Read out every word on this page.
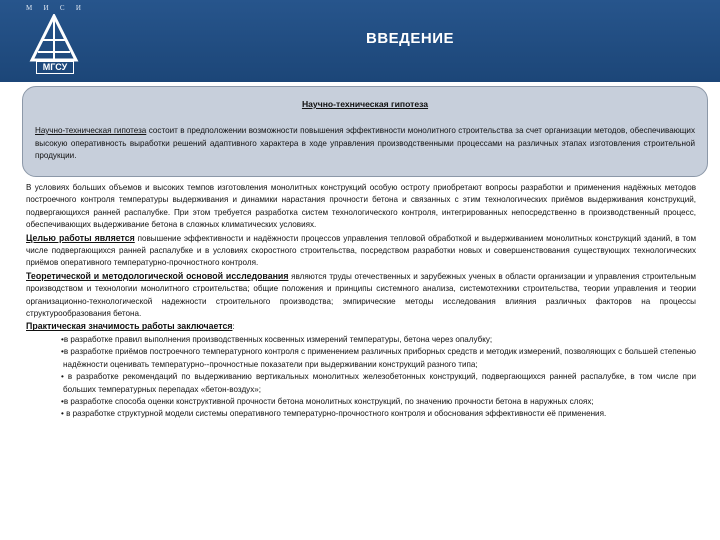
М И С И
МГСУ
ВВЕДЕНИЕ
Научно-техническая гипотеза
Научно-техническая гипотеза состоит в предположении возможности повышения эффективности монолитного строительства за счет организации методов, обеспечивающих высокую оперативность выработки решений адаптивного характера в ходе управления производственными процессами на различных этапах изготовления строительной продукции.

В условиях больших объемов и высоких темпов изготовления монолитных конструкций особую остроту приобретают вопросы разработки и применения надёжных методов построечного контроля температуры выдерживания и динамики нарастания прочности бетона и связанных с этим технологических приёмов выдерживания конструкций, подвергающихся ранней распалубке. При этом требуется разработка систем технологического контроля, интегрированных непосредственно в производственный процесс, обеспечивающих выдерживание бетона в сложных климатических условиях.

Целью работы является повышение эффективности и надёжности процессов управления тепловой обработкой и выдерживанием монолитных конструкций зданий, в том числе подвергающихся ранней распалубке и в условиях скоростного строительства, посредством разработки новых и совершенствования существующих технологических приёмов оперативного температурно-прочностного контроля.

Теоретической и методологической основой исследования являются труды отечественных и зарубежных ученых в области организации и управления строительным производством и технологии монолитного строительства; общие положения и принципы системного анализа, системотехники строительства, теории управления и теории организационно-технологической надежности строительного производства; эмпирические методы исследования влияния различных факторов на процессы структурообразования бетона.

Практическая значимость работы заключается:

•в разработке правил выполнения производственных косвенных измерений температуры, бетона через опалубку;

•в разработке приёмов построечного температурного контроля с применением различных приборных средств и методик измерений, позволяющих с большей степенью надёжности оценивать температурно--прочностные показатели при выдерживании конструкций разного типа;

• в разработке рекомендаций по выдерживанию вертикальных монолитных железобетонных конструкций, подвергающихся ранней распалубке, в том числе при больших температурных перепадах «бетон-воздух»;

•в разработке способа оценки конструктивной прочности бетона монолитных конструкций, по значению прочности бетона в наружных слоях;

• в разработке структурной модели системы оперативного температурно-прочностного контроля и обоснования эффективности её применения.
